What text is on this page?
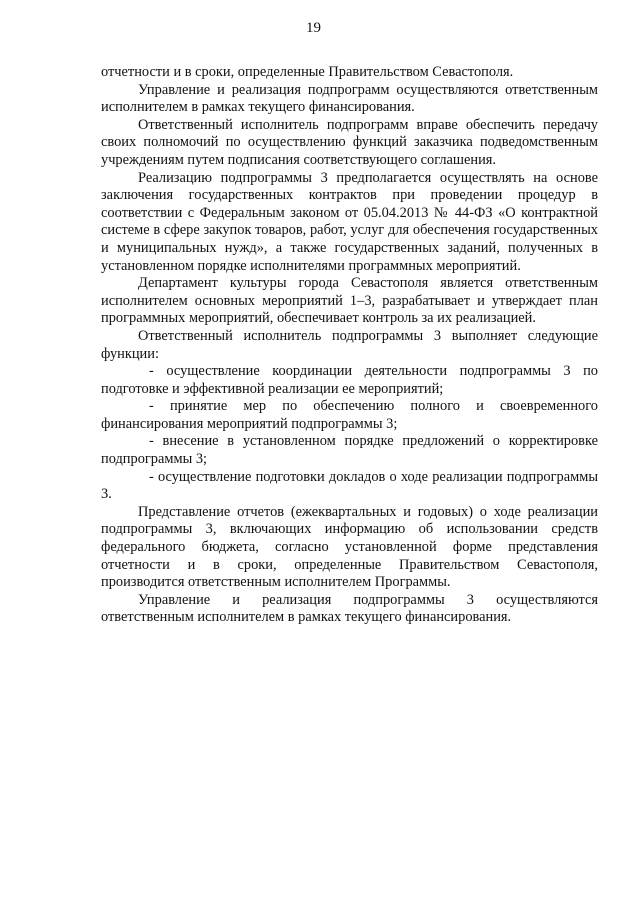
19

отчетности и в сроки, определенные Правительством Севастополя.

Управление и реализация подпрограмм осуществляются ответственным исполнителем в рамках текущего финансирования.

Ответственный исполнитель подпрограмм вправе обеспечить передачу своих полномочий по осуществлению функций заказчика подведомственным учреждениям путем подписания соответствующего соглашения.

Реализацию подпрограммы 3 предполагается осуществлять на основе заключения государственных контрактов при проведении процедур в соответствии с Федеральным законом от 05.04.2013 № 44-ФЗ «О контрактной системе в сфере закупок товаров, работ, услуг для обеспечения государственных и муниципальных нужд», а также государственных заданий, полученных в установленном порядке исполнителями программных мероприятий.

Департамент культуры города Севастополя является ответственным исполнителем основных мероприятий 1–3, разрабатывает и утверждает план программных мероприятий, обеспечивает контроль за их реализацией.

Ответственный исполнитель подпрограммы 3 выполняет следующие функции:

- осуществление координации деятельности подпрограммы 3 по подготовке и эффективной реализации ее мероприятий;

- принятие мер по обеспечению полного и своевременного финансирования мероприятий подпрограммы 3;

- внесение в установленном порядке предложений о корректировке подпрограммы 3;

- осуществление подготовки докладов о ходе реализации подпрограммы 3.

Представление отчетов (ежеквартальных и годовых) о ходе реализации подпрограммы 3, включающих информацию об использовании средств федерального бюджета, согласно установленной форме представления отчетности и в сроки, определенные Правительством Севастополя, производится ответственным исполнителем Программы.

Управление и реализация подпрограммы 3 осуществляются ответственным исполнителем в рамках текущего финансирования.
